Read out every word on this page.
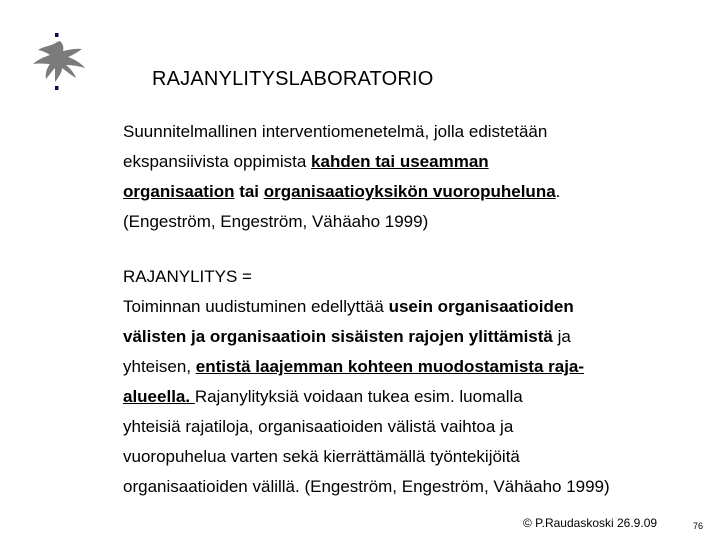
RAJANYLITYSLABORATORIO
Suunnitelmallinen interventiomenetelmä, jolla edistetään
ekspansiivista oppimista kahden tai useamman
organisaation tai organisaatioyksikön vuoropuheluna.
(Engeström, Engeström, Vähäaho 1999)
RAJANYLITYS =
Toiminnan uudistuminen edellyttää usein organisaatioiden
välisten ja organisaatioin sisäisten rajojen ylittämistä ja
yhteisen, entistä laajemman kohteen muodostamista raja-
alueella. Rajanylityksiä voidaan tukea esim. luomalla
yhteisiä rajatiloja, organisaatioiden välistä vaihtoa ja
vuoropuhelua varten sekä kierrättämällä työntekijöitä
organisaatioiden välillä. (Engeström, Engeström, Vähäaho 1999)
© P.Raudaskoski 26.9.09	76
